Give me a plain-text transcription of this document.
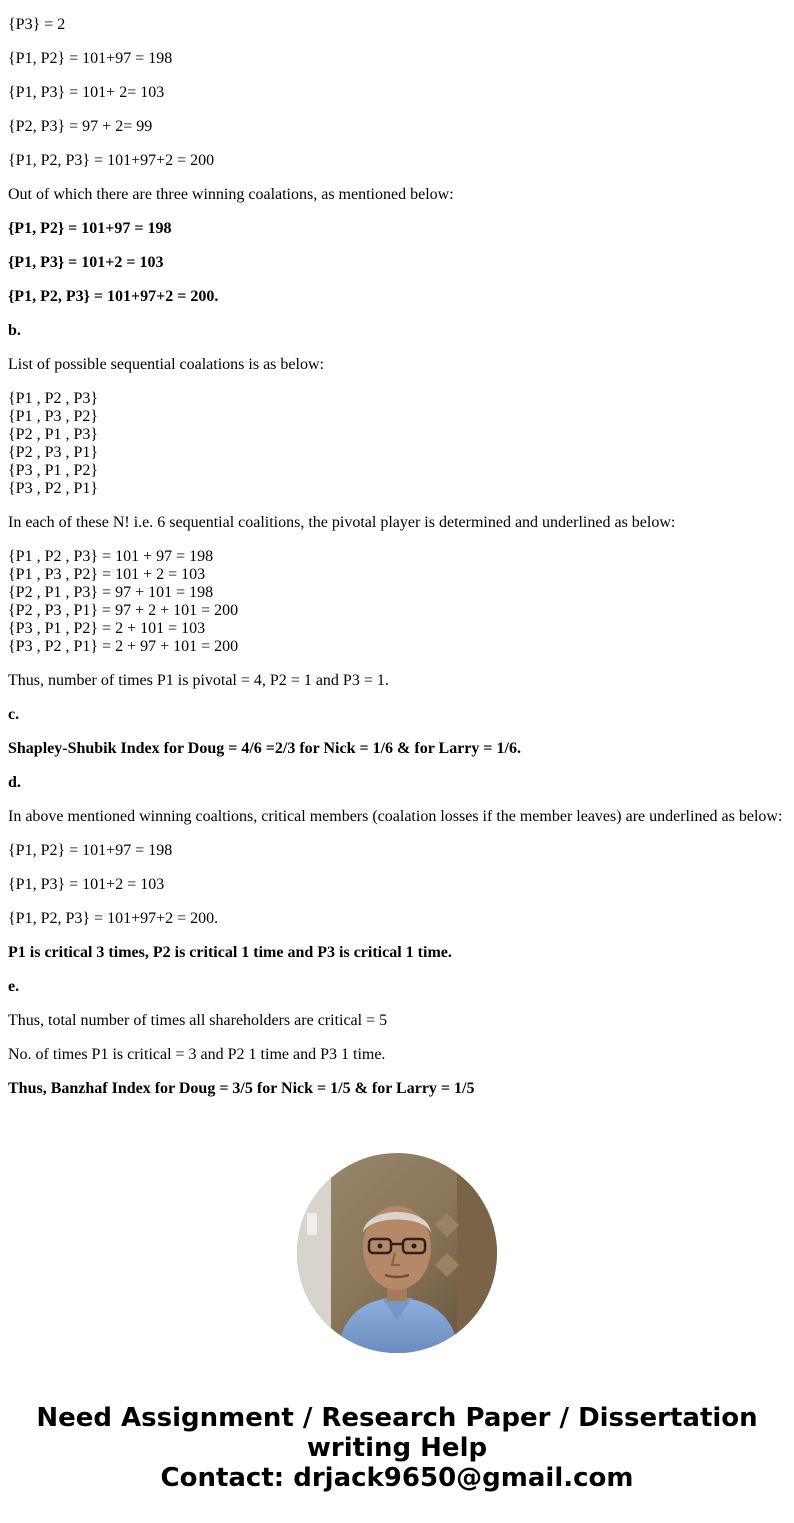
{P3} = 2

{P1, P2} = 101+97 = 198

{P1, P3} = 101+ 2= 103

{P2, P3} = 97 + 2= 99

{P1, P2, P3} = 101+97+2 = 200

Out of which there are three winning coalations, as mentioned below:

{P1, P2} = 101+97 = 198

{P1, P3} = 101+2 = 103

{P1, P2, P3} = 101+97+2 = 200.

b.

List of possible sequential coalations is as below:

{P1 , P2 , P3}
{P1 , P3 , P2}
{P2 , P1 , P3}
{P2 , P3 , P1}
{P3 , P1 , P2}
{P3 , P2 , P1}

In each of these N! i.e. 6 sequential coalitions, the pivotal player is determined and underlined as below:

{P1 , P2 , P3} = 101 + 97 = 198
{P1 , P3 , P2} = 101 + 2 = 103
{P2 , P1 , P3} = 97 + 101 = 198
{P2 , P3 , P1} = 97 + 2 + 101 = 200
{P3 , P1 , P2} = 2 + 101 = 103
{P3 , P2 , P1} = 2 + 97 + 101 = 200

Thus, number of times P1 is pivotal = 4, P2 = 1 and P3 = 1.

c.

Shapley-Shubik Index for Doug = 4/6 =2/3 for Nick = 1/6 & for Larry = 1/6.

d.

In above mentioned winning coaltions, critical members (coalation losses if the member leaves) are underlined as below:

{P1, P2} = 101+97 = 198

{P1, P3} = 101+2 = 103

{P1, P2, P3} = 101+97+2 = 200.

P1 is critical 3 times, P2 is critical 1 time and P3 is critical 1 time.

e.

Thus, total number of times all shareholders are critical = 5

No. of times P1 is critical = 3 and P2 1 time and P3 1 time.

Thus, Banzhaf Index for Doug = 3/5 for Nick = 1/5 & for Larry = 1/5

Need Assignment / Research Paper / Dissertation
writing Help
Contact: drjack9650@gmail.com
